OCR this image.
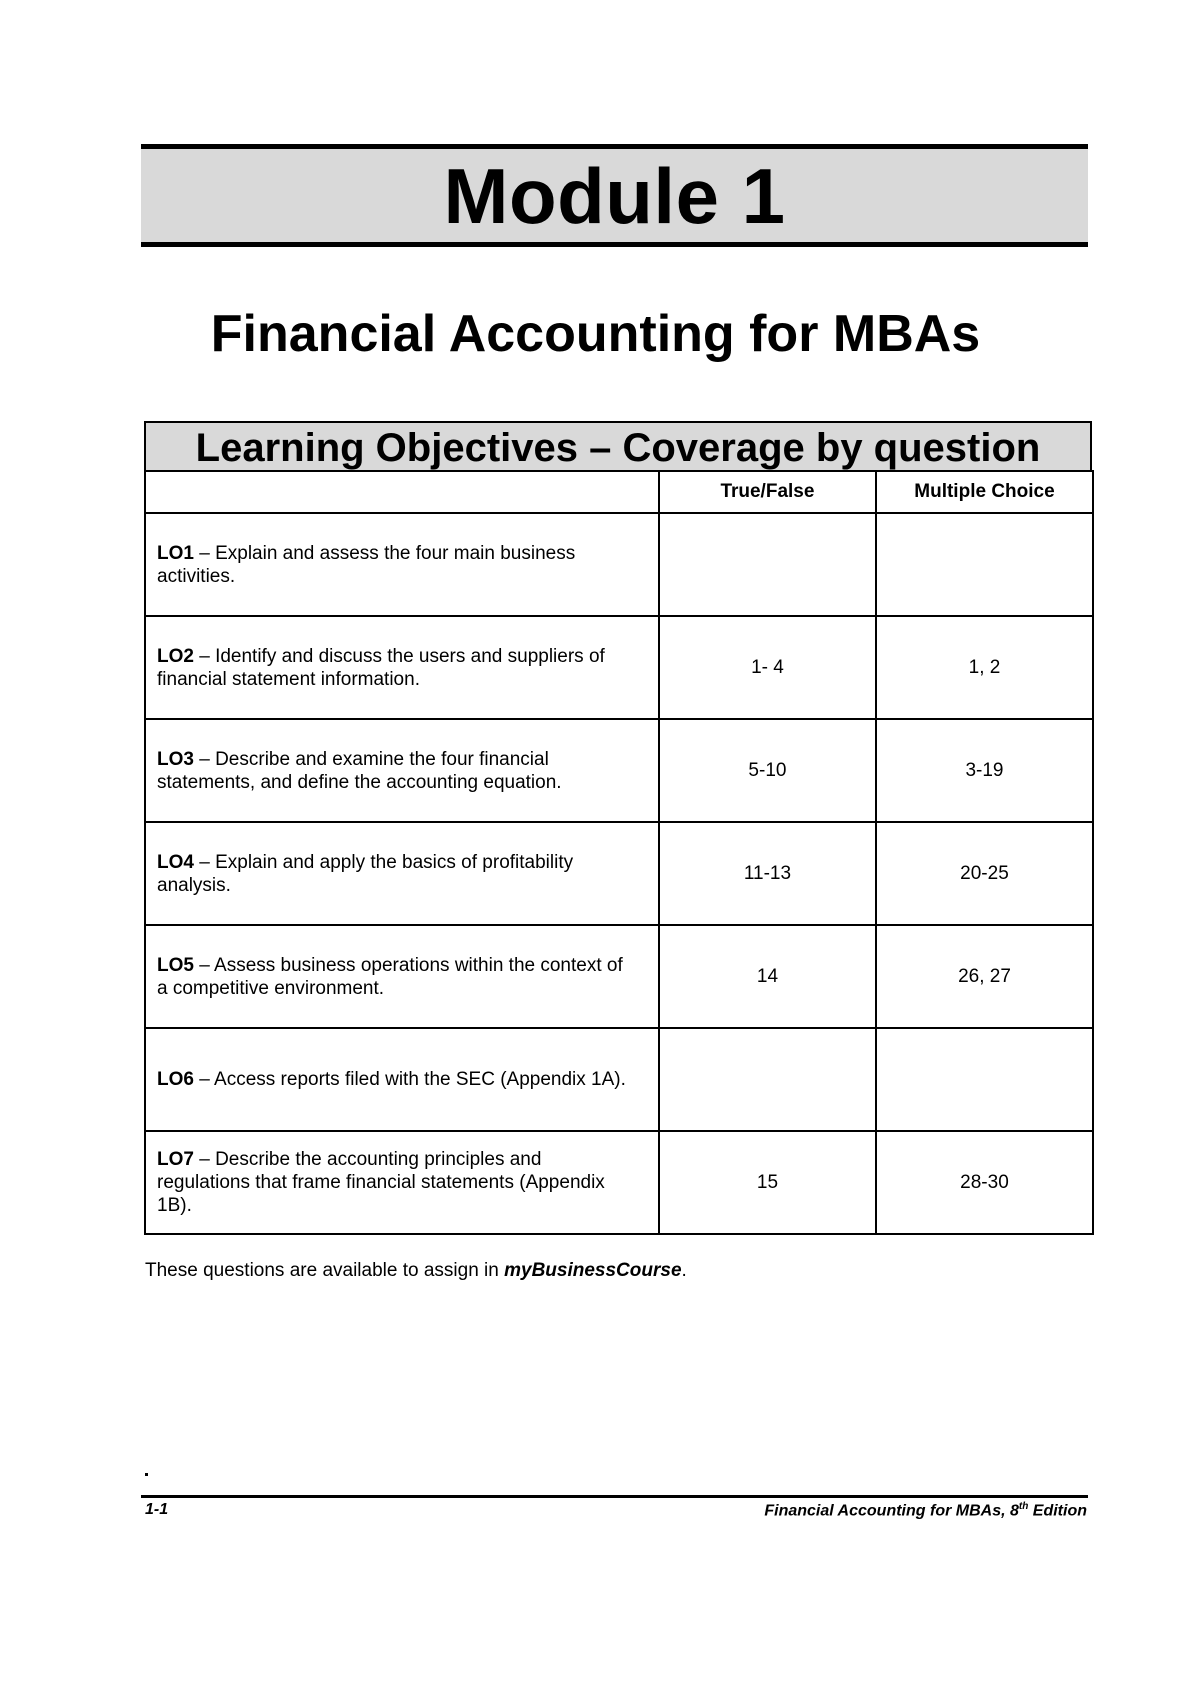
Module 1
Financial Accounting for MBAs
Learning Objectives – Coverage by question
	True/False	Multiple Choice
LO1 – Explain and assess the four main business activities.		
LO2 – Identify and discuss the users and suppliers of financial statement information.	1- 4	1, 2
LO3 – Describe and examine the four financial statements, and define the accounting equation.	5-10	3-19
LO4 – Explain and apply the basics of profitability analysis.	11-13	20-25
LO5 – Assess business operations within the context of a competitive environment.	14	26, 27
LO6 – Access reports filed with the SEC (Appendix 1A).		
LO7 – Describe the accounting principles and regulations that frame financial statements (Appendix 1B).	15	28-30
These questions are available to assign in myBusinessCourse.
1-1	Financial Accounting for MBAs, 8th Edition
